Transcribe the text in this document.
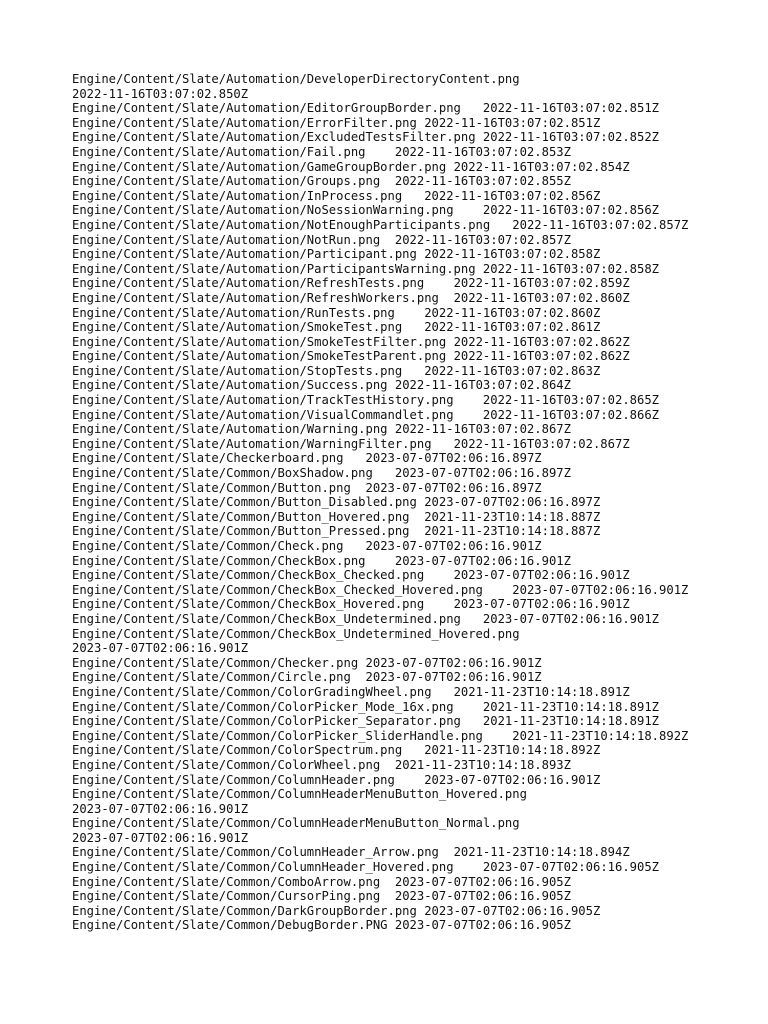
Engine/Content/Slate/Automation/DeveloperDirectoryContent.png   2022-11-16T03:07:02.850Z
Engine/Content/Slate/Automation/EditorGroupBorder.png 2022-11-16T03:07:02.851Z
Engine/Content/Slate/Automation/ErrorFilter.png 2022-11-16T03:07:02.851Z
Engine/Content/Slate/Automation/ExcludedTestsFilter.png 2022-11-16T03:07:02.852Z
Engine/Content/Slate/Automation/Fail.png 2022-11-16T03:07:02.853Z
Engine/Content/Slate/Automation/GameGroupBorder.png 2022-11-16T03:07:02.854Z
Engine/Content/Slate/Automation/Groups.png 2022-11-16T03:07:02.855Z
Engine/Content/Slate/Automation/InProcess.png 2022-11-16T03:07:02.856Z
Engine/Content/Slate/Automation/NoSessionWarning.png 2022-11-16T03:07:02.856Z
Engine/Content/Slate/Automation/NotEnoughParticipants.png 2022-11-16T03:07:02.857Z
Engine/Content/Slate/Automation/NotRun.png 2022-11-16T03:07:02.857Z
Engine/Content/Slate/Automation/Participant.png 2022-11-16T03:07:02.858Z
Engine/Content/Slate/Automation/ParticipantsWarning.png 2022-11-16T03:07:02.858Z
Engine/Content/Slate/Automation/RefreshTests.png 2022-11-16T03:07:02.859Z
Engine/Content/Slate/Automation/RefreshWorkers.png 2022-11-16T03:07:02.860Z
Engine/Content/Slate/Automation/RunTests.png 2022-11-16T03:07:02.860Z
Engine/Content/Slate/Automation/SmokeTest.png 2022-11-16T03:07:02.861Z
Engine/Content/Slate/Automation/SmokeTestFilter.png 2022-11-16T03:07:02.862Z
Engine/Content/Slate/Automation/SmokeTestParent.png 2022-11-16T03:07:02.862Z
Engine/Content/Slate/Automation/StopTests.png 2022-11-16T03:07:02.863Z
Engine/Content/Slate/Automation/Success.png 2022-11-16T03:07:02.864Z
Engine/Content/Slate/Automation/TrackTestHistory.png 2022-11-16T03:07:02.865Z
Engine/Content/Slate/Automation/VisualCommandlet.png 2022-11-16T03:07:02.866Z
Engine/Content/Slate/Automation/Warning.png 2022-11-16T03:07:02.867Z
Engine/Content/Slate/Automation/WarningFilter.png 2022-11-16T03:07:02.867Z
Engine/Content/Slate/Checkerboard.png 2023-07-07T02:06:16.897Z
Engine/Content/Slate/Common/BoxShadow.png 2023-07-07T02:06:16.897Z
Engine/Content/Slate/Common/Button.png 2023-07-07T02:06:16.897Z
Engine/Content/Slate/Common/Button_Disabled.png 2023-07-07T02:06:16.897Z
Engine/Content/Slate/Common/Button_Hovered.png 2021-11-23T10:14:18.887Z
Engine/Content/Slate/Common/Button_Pressed.png 2021-11-23T10:14:18.887Z
Engine/Content/Slate/Common/Check.png 2023-07-07T02:06:16.901Z
Engine/Content/Slate/Common/CheckBox.png 2023-07-07T02:06:16.901Z
Engine/Content/Slate/Common/CheckBox_Checked.png 2023-07-07T02:06:16.901Z
Engine/Content/Slate/Common/CheckBox_Checked_Hovered.png 2023-07-07T02:06:16.901Z
Engine/Content/Slate/Common/CheckBox_Hovered.png 2023-07-07T02:06:16.901Z
Engine/Content/Slate/Common/CheckBox_Undetermined.png 2023-07-07T02:06:16.901Z
Engine/Content/Slate/Common/CheckBox_Undetermined_Hovered.png   2023-07-07T02:06:16.901Z
Engine/Content/Slate/Common/Checker.png 2023-07-07T02:06:16.901Z
Engine/Content/Slate/Common/Circle.png 2023-07-07T02:06:16.901Z
Engine/Content/Slate/Common/ColorGradingWheel.png 2021-11-23T10:14:18.891Z
Engine/Content/Slate/Common/ColorPicker_Mode_16x.png 2021-11-23T10:14:18.891Z
Engine/Content/Slate/Common/ColorPicker_Separator.png 2021-11-23T10:14:18.891Z
Engine/Content/Slate/Common/ColorPicker_SliderHandle.png 2021-11-23T10:14:18.892Z
Engine/Content/Slate/Common/ColorSpectrum.png 2021-11-23T10:14:18.892Z
Engine/Content/Slate/Common/ColorWheel.png 2021-11-23T10:14:18.893Z
Engine/Content/Slate/Common/ColumnHeader.png 2023-07-07T02:06:16.901Z
Engine/Content/Slate/Common/ColumnHeaderMenuButton_Hovered.png  2023-07-07T02:06:16.901Z
Engine/Content/Slate/Common/ColumnHeaderMenuButton_Normal.png   2023-07-07T02:06:16.901Z
Engine/Content/Slate/Common/ColumnHeader_Arrow.png 2021-11-23T10:14:18.894Z
Engine/Content/Slate/Common/ColumnHeader_Hovered.png 2023-07-07T02:06:16.905Z
Engine/Content/Slate/Common/ComboArrow.png 2023-07-07T02:06:16.905Z
Engine/Content/Slate/Common/CursorPing.png 2023-07-07T02:06:16.905Z
Engine/Content/Slate/Common/DarkGroupBorder.png 2023-07-07T02:06:16.905Z
Engine/Content/Slate/Common/DebugBorder.PNG 2023-07-07T02:06:16.905Z
